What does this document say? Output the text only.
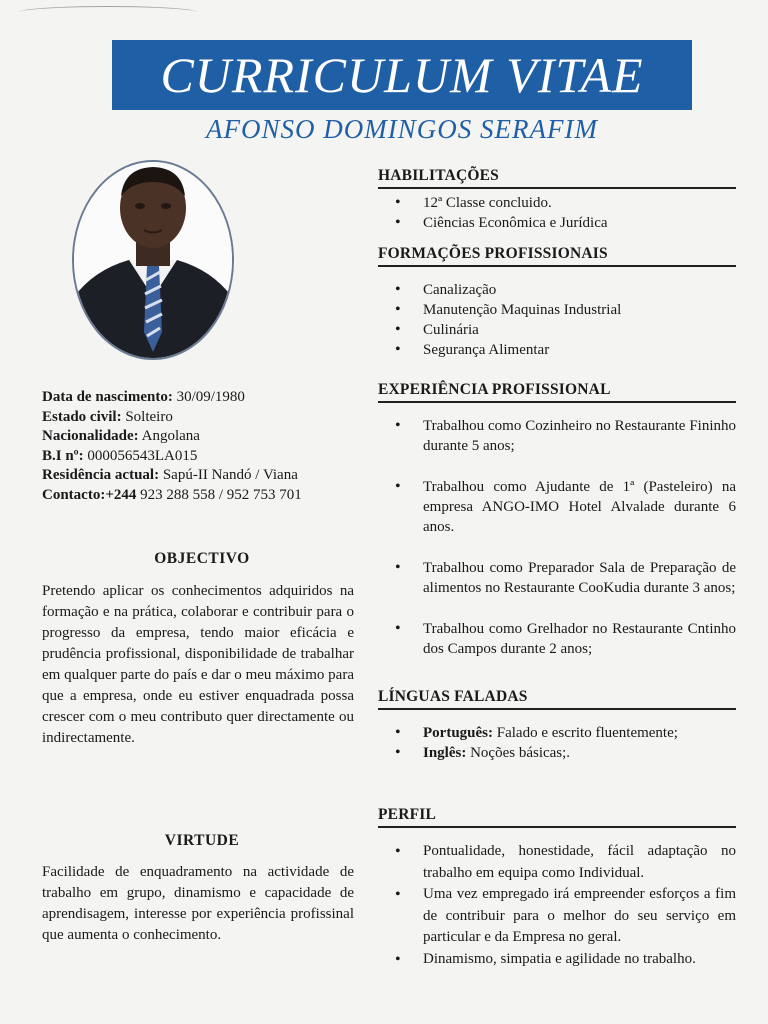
CURRICULUM VITAE
AFONSO DOMINGOS SERAFIM
Data de nascimento: 30/09/1980
Estado civil: Solteiro
Nacionalidade: Angolana
B.I nº: 000056543LA015
Residência actual: Sapú-II Nandó / Viana
Contacto:+244 923 288 558 / 952 753 701
OBJECTIVO
Pretendo aplicar os conhecimentos adquiridos na formação e na prática, colaborar e contribuir para o progresso da empresa, tendo maior eficácia e prudência profissional, disponibilidade de trabalhar em qualquer parte do país e dar o meu máximo para que a empresa, onde eu estiver enquadrada possa crescer com o meu contributo quer directamente ou indirectamente.
VIRTUDE
Facilidade de enquadramento na actividade de trabalho em grupo, dinamismo e capacidade de aprendisagem, interesse por experiência profissinal que aumenta o conhecimento.
HABILITAÇÕES
• 12ª Classe concluido.
• Ciências Econômica e Jurídica
FORMAÇÕES PROFISSIONAIS
• Canalização
• Manutenção Maquinas Industrial
• Culinária
• Segurança Alimentar
EXPERIÊNCIA PROFISSIONAL
• Trabalhou como Cozinheiro no Restaurante Fininho durante 5 anos;
• Trabalhou como Ajudante de 1ª (Pasteleiro) na empresa ANGO-IMO Hotel Alvalade durante 6 anos.
• Trabalhou como Preparador Sala de Preparação de alimentos no Restaurante CooKudia durante 3 anos;
• Trabalhou como Grelhador no Restaurante Cntinho dos Campos durante 2 anos;
LÍNGUAS FALADAS
• Português: Falado e escrito fluentemente;
• Inglês: Noções básicas;.
PERFIL
• Pontualidade, honestidade, fácil adaptação no trabalho em equipa como Individual.
• Uma vez empregado irá empreender esforços a fim de contribuir para o melhor do seu serviço em particular e da Empresa no geral.
• Dinamismo, simpatia e agilidade no trabalho.
